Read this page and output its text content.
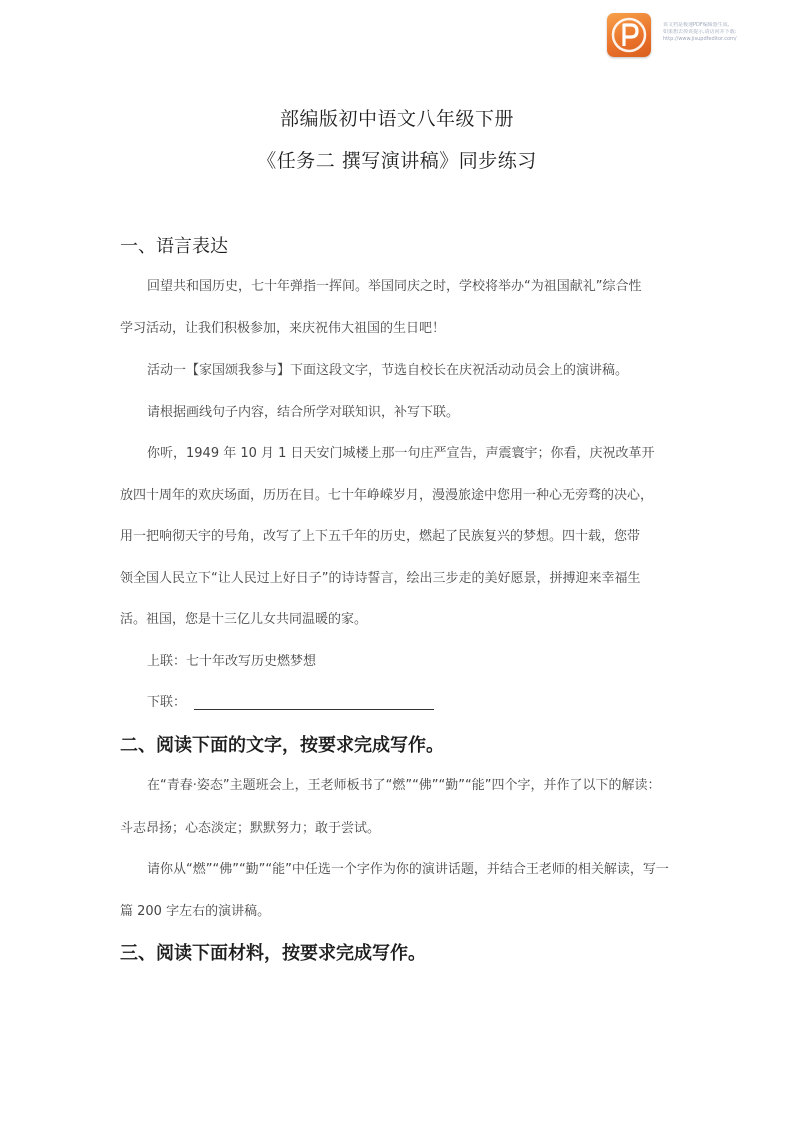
该文档是极速PDF编辑器生成,
如果想去掉该提示,请访问并下载:
http://www.jisupdfeditor.com/
部编版初中语文八年级下册
《任务二 撰写演讲稿》同步练习
一、语言表达
回望共和国历史，七十年弹指一挥间。举国同庆之时，学校将举办“为祖国献礼”综合性
学习活动，让我们积极参加，来庆祝伟大祖国的生日吧！
活动一【家国颂我参与】下面这段文字，节选自校长在庆祝活动动员会上的演讲稿。
请根据画线句子内容，结合所学对联知识，补写下联。
你听，1949 年 10 月 1 日天安门城楼上那一句庄严宣告，声震寰宇；你看，庆祝改革开
放四十周年的欢庆场面，历历在目。七十年峥嵘岁月，漫漫旅途中您用一种心无旁骛的决心，
用一把响彻天宇的号角，改写了上下五千年的历史，燃起了民族复兴的梦想。四十载，您带
领全国人民立下“让人民过上好日子”的诗诗誓言，绘出三步走的美好愿景，拼搏迎来幸福生
活。祖国，您是十三亿儿女共同温暖的家。
上联：七十年改写历史燃梦想
下联：
二、阅读下面的文字，按要求完成写作。
在“青春·姿态”主题班会上，王老师板书了“燃”“佛”“勤”“能”四个字，并作了以下的解读：
斗志昂扬；心态淡定；默默努力；敢于尝试。
请你从“燃”“佛”“勤”“能”中任选一个字作为你的演讲话题，并结合王老师的相关解读，写一
篇 200 字左右的演讲稿。
三、阅读下面材料，按要求完成写作。
